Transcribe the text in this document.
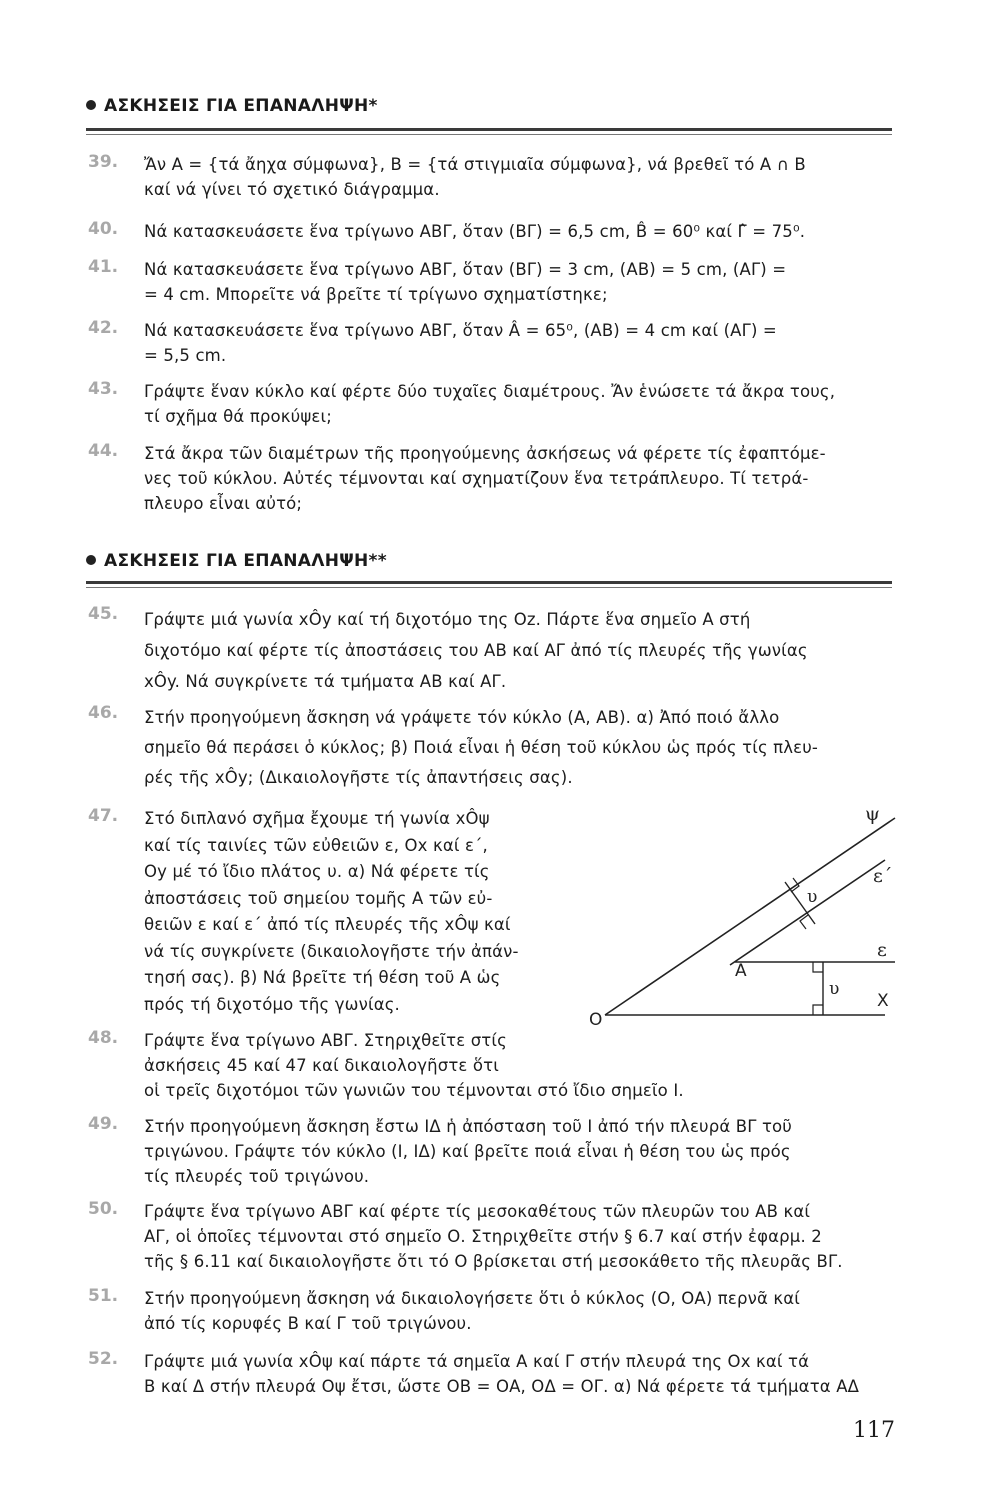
ΑΣΚΗΣΕΙΣ ΓΙΑ ΕΠΑΝΑΛΗΨΗ*
39.	Ἄν Α = {τά ἄηχα σύμφωνα}, Β = {τά στιγμιαῖα σύμφωνα}, νά βρεθεῖ τό Α ∩ Β

καί νά γίνει τό σχετικό διάγραμμα.

40.	Νά κατασκευάσετε ἕνα τρίγωνο ΑΒΓ, ὅταν (ΒΓ) = 6,5 cm, B̂ = 60⁰ καί Γ̂ = 75⁰.

41.	Νά κατασκευάσετε ἕνα τρίγωνο ΑΒΓ, ὅταν (ΒΓ) = 3 cm, (ΑΒ) = 5 cm, (ΑΓ) =

= 4 cm. Μπορεῖτε νά βρεῖτε τί τρίγωνο σχηματίστηκε;

42.	Νά κατασκευάσετε ἕνα τρίγωνο ΑΒΓ, ὅταν Â = 65⁰, (ΑΒ) = 4 cm καί (ΑΓ) =

= 5,5 cm.

43.	Γράψτε ἕναν κύκλο καί φέρτε δύο τυχαῖες διαμέτρους. Ἄν ἑνώσετε τά ἄκρα τους,

τί σχῆμα θά προκύψει;

44.	Στά ἄκρα τῶν διαμέτρων τῆς προηγούμενης ἀσκήσεως νά φέρετε τίς ἐφαπτόμε-

νες τοῦ κύκλου. Αὐτές τέμνονται καί σχηματίζουν ἕνα τετράπλευρο. Τί τετρά-

πλευρο εἶναι αὐτό;

ΑΣΚΗΣΕΙΣ ΓΙΑ ΕΠΑΝΑΛΗΨΗ**
45.	Γράψτε μιά γωνία xÔy καί τή διχοτόμο της Oz. Πάρτε ἕνα σημεῖο Α στή

διχοτόμο καί φέρτε τίς ἀποστάσεις του ΑΒ καί ΑΓ ἀπό τίς πλευρές τῆς γωνίας

xÔy. Νά συγκρίνετε τά τμήματα ΑΒ καί ΑΓ.

46.	Στήν προηγούμενη ἄσκηση νά γράψετε τόν κύκλο (Α, ΑΒ). α) Ἀπό ποιό ἄλλο

σημεῖο θά περάσει ὁ κύκλος; β) Ποιά εἶναι ἡ θέση τοῦ κύκλου ὡς πρός τίς πλευ-

ρές τῆς xÔy; (Δικαιολογῆστε τίς ἀπαντήσεις σας).

47.	Στό διπλανό σχῆμα ἔχουμε τή γωνία xÔψ

καί τίς ταινίες τῶν εὐθειῶν ε, Οx καί ε΄,

Οy μέ τό ἴδιο πλάτος υ. α) Νά φέρετε τίς

ἀποστάσεις τοῦ σημείου τομῆς Α τῶν εὐ-

θειῶν ε καί ε΄ ἀπό τίς πλευρές τῆς xÔψ καί

νά τίς συγκρίνετε (δικαιολογῆστε τήν ἀπάν-

τησή σας). β) Νά βρεῖτε τή θέση τοῦ Α ὡς

πρός τή διχοτόμο τῆς γωνίας.

O
A
X
ε
ε΄
ψ
υ
υ
48.	Γράψτε ἕνα τρίγωνο ΑΒΓ. Στηριχθεῖτε στίς

ἀσκήσεις 45 καί 47 καί δικαιολογῆστε ὅτι

οἱ τρεῖς διχοτόμοι τῶν γωνιῶν του τέμνονται στό ἴδιο σημεῖο Ι.

49.	Στήν προηγούμενη ἄσκηση ἔστω ΙΔ ἡ ἀπόσταση τοῦ Ι ἀπό τήν πλευρά ΒΓ τοῦ

τριγώνου. Γράψτε τόν κύκλο (Ι, ΙΔ) καί βρεῖτε ποιά εἶναι ἡ θέση του ὡς πρός

τίς πλευρές τοῦ τριγώνου.

50.	Γράψτε ἕνα τρίγωνο ΑΒΓ καί φέρτε τίς μεσοκαθέτους τῶν πλευρῶν του ΑΒ καί

ΑΓ, οἱ ὁποῖες τέμνονται στό σημεῖο Ο. Στηριχθεῖτε στήν § 6.7 καί στήν ἐφαρμ. 2

τῆς § 6.11 καί δικαιολογῆστε ὅτι τό Ο βρίσκεται στή μεσοκάθετο τῆς πλευρᾶς ΒΓ.

51.	Στήν προηγούμενη ἄσκηση νά δικαιολογήσετε ὅτι ὁ κύκλος (Ο, ΟΑ) περνᾶ καί

ἀπό τίς κορυφές Β καί Γ τοῦ τριγώνου.

52.	Γράψτε μιά γωνία xÔψ καί πάρτε τά σημεῖα Α καί Γ στήν πλευρά της Οx καί τά

Β καί Δ στήν πλευρά Οψ ἔτσι, ὥστε ΟΒ = ΟΑ, ΟΔ = ΟΓ. α) Νά φέρετε τά τμήματα ΑΔ

117
